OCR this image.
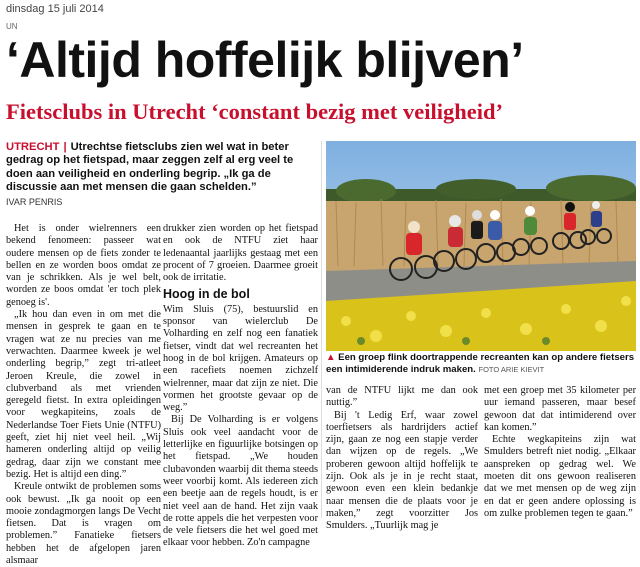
dinsdag 15 juli 2014
UN
‘Altijd hoffelijk blijven’
Fietsclubs in Utrecht ‘constant bezig met veiligheid’
UTRECHT | Utrechtse fietsclubs zien wel wat in beter gedrag op het fietspad, maar zeggen zelf al erg veel te doen aan veiligheid en onderling begrip. „Ik ga de discussie aan met mensen die gaan schelden.”
IVAR PENRIS

Het is onder wielrenners een bekend fenomeen: passeer wat oudere mensen op de fiets zonder te bellen en ze worden boos omdat ze van je schrikken. Als je wel belt, worden ze boos omdat 'er toch plek genoeg is'.

„Ik hou dan even in om met die mensen in gesprek te gaan en te vragen wat ze nu precies van me verwachten. Daarmee kweek je wel onderling begrip,” zegt tri-atleet Jeroen Kreule, die zowel in clubverband als met vrienden geregeld fietst. In extra opleidingen voor wegkapiteins, zoals de Nederlandse Toer Fiets Unie (NTFU) geeft, ziet hij niet veel heil. „Wij hameren onderling altijd op veilig gedrag, daar zijn we constant mee bezig. Het is altijd een ding.”

Kreule ontwikt de problemen soms ook bewust. „Ik ga nooit op een mooie zondagmorgen langs De Vecht fietsen. Dat is vragen om problemen.” Fanatieke fietsers hebben het de afgelopen jaren alsmaar

drukker zien worden op het fietspad en ook de NTFU ziet haar ledenaantal jaarlijks gestaag met een procent of 7 groeien. Daarmee groeit ook de irritatie.

Hoog in de bol

Wim Sluis (75), bestuurslid en sponsor van wielerclub De Volharding en zelf nog een fanatiek fietser, vindt dat wel recreanten het hoog in de bol krijgen. Amateurs op een racefiets noemen zichzelf wielrenner, maar dat zijn ze niet. Die vormen het grootste gevaar op de weg.”

Bij De Volharding is er volgens Sluis ook veel aandacht voor de letterlijke en figuurlijke botsingen op het fietspad. „We houden clubavonden waarbij dit thema steeds weer voorbij komt. Als iedereen zich een beetje aan de regels houdt, is er niet veel aan de hand. Het zijn vaak de rotte appels die het verpesten voor de vele fietsers die het wel goed met elkaar voor hebben. Zo'n campagne

▲ Een groep flink doortrappende recreanten kan op andere fietsers een intimiderende indruk maken. FOTO ARIE KIEVIT

van de NTFU lijkt me dan ook nuttig.”

Bij 't Ledig Erf, waar zowel toerfietsers als hardrijders actief zijn, gaan ze nog een stapje verder dan wijzen op de regels. „We proberen gewoon altijd hoffelijk te zijn. Ook als je in je recht staat, gewoon even een klein bedankje naar mensen die de plaats voor je maken,” zegt voorzitter Jos Smulders. „Tuurlijk mag je

met een groep met 35 kilometer per uur iemand passeren, maar besef gewoon dat dat intimiderend over kan komen.”

Echte wegkapiteins zijn wat Smulders betreft niet nodig. „Elkaar aanspreken op gedrag wel. We moeten dit ons gewoon realiseren dat we met mensen op de weg zijn en dat er geen andere oplossing is om zulke problemen tegen te gaan.”
